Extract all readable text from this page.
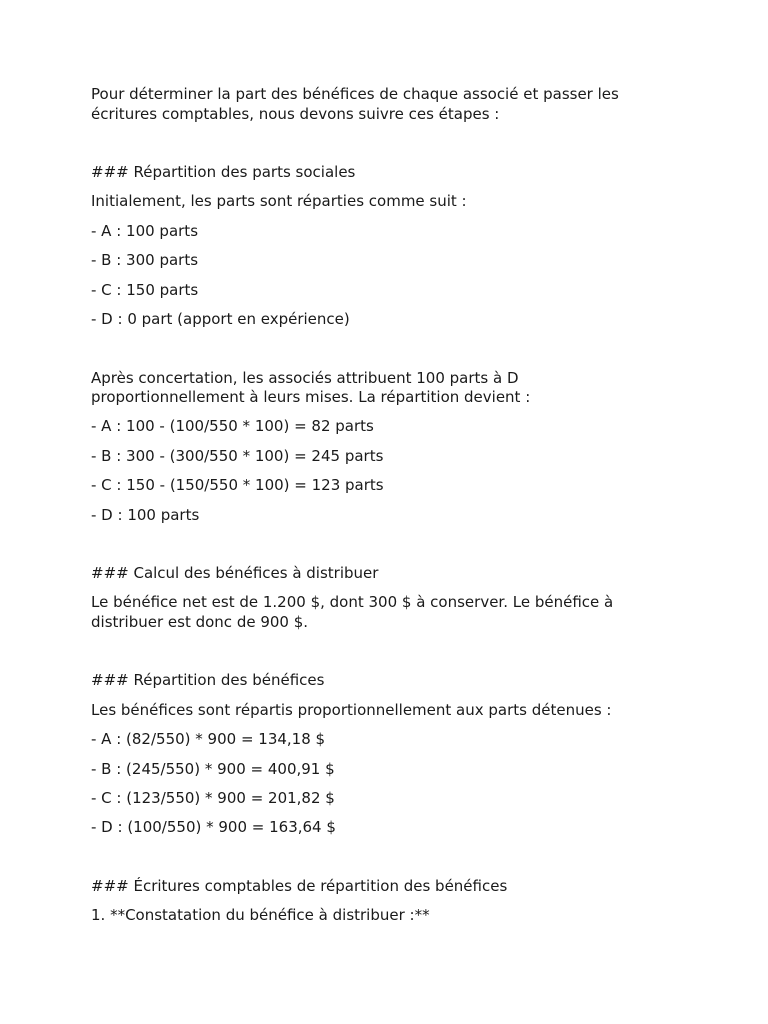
Pour déterminer la part des bénéfices de chaque associé et passer les

écritures comptables, nous devons suivre ces étapes :

### Répartition des parts sociales

Initialement, les parts sont réparties comme suit :

- A : 100 parts

- B : 300 parts

- C : 150 parts

- D : 0 part (apport en expérience)

Après concertation, les associés attribuent 100 parts à D

proportionnellement à leurs mises. La répartition devient :

- A : 100 - (100/550 * 100) = 82 parts

- B : 300 - (300/550 * 100) = 245 parts

- C : 150 - (150/550 * 100) = 123 parts

- D : 100 parts

### Calcul des bénéfices à distribuer

Le bénéfice net est de 1.200 $, dont 300 $ à conserver. Le bénéfice à

distribuer est donc de 900 $.

### Répartition des bénéfices

Les bénéfices sont répartis proportionnellement aux parts détenues :

- A : (82/550) * 900 = 134,18 $

- B : (245/550) * 900 = 400,91 $

- C : (123/550) * 900 = 201,82 $

- D : (100/550) * 900 = 163,64 $

### Écritures comptables de répartition des bénéfices

1. **Constatation du bénéfice à distribuer :**
